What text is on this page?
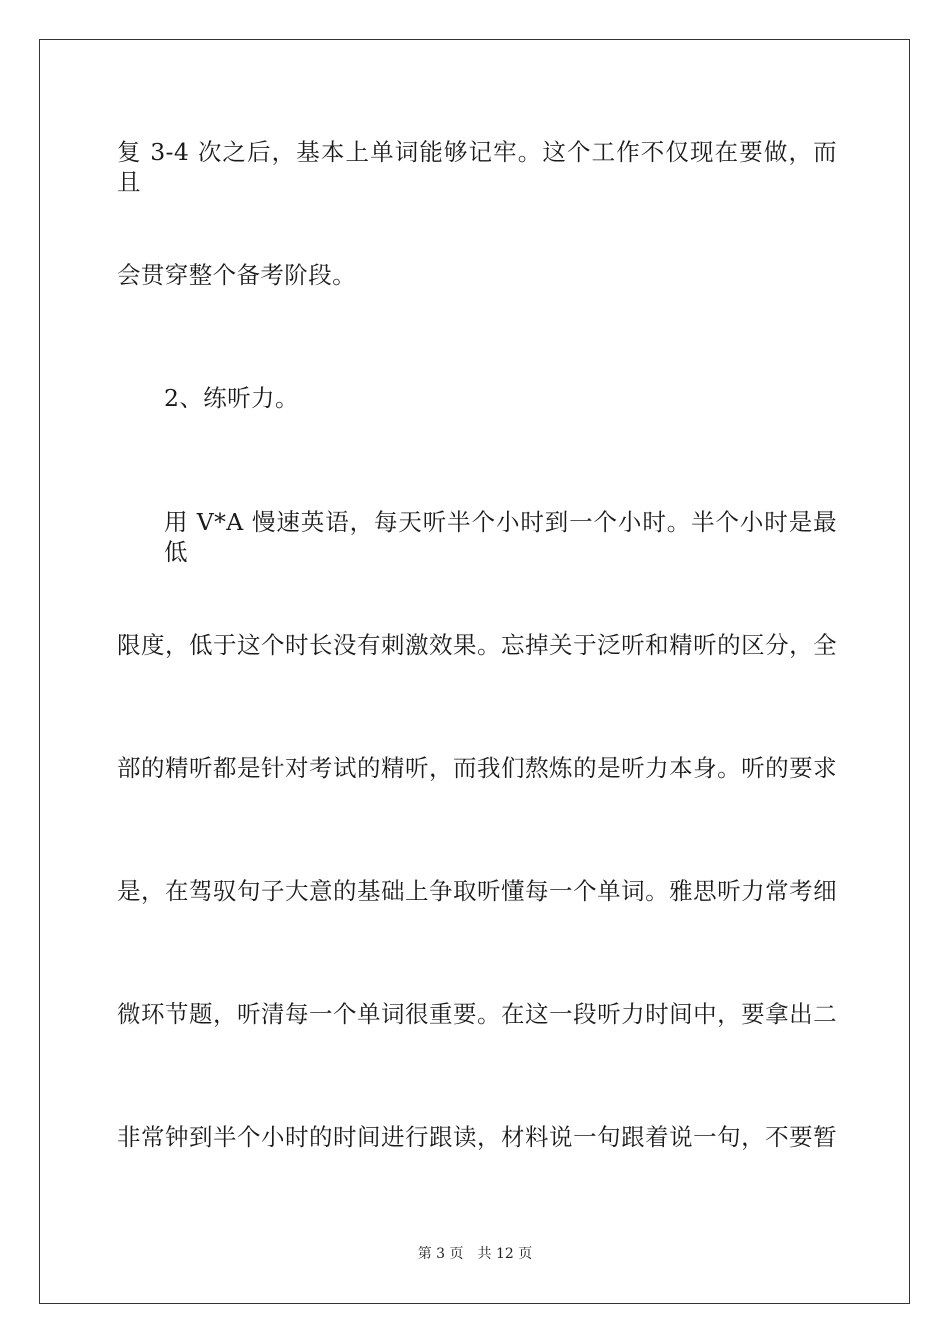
复 3-4 次之后，基本上单词能够记牢。这个工作不仅现在要做，而且
会贯穿整个备考阶段。
2、练听力。
用 V*A 慢速英语，每天听半个小时到一个小时。半个小时是最低
限度，低于这个时长没有刺激效果。忘掉关于泛听和精听的区分，全
部的精听都是针对考试的精听，而我们熬炼的是听力本身。听的要求
是，在驾驭句子大意的基础上争取听懂每一个单词。雅思听力常考细
微环节题，听清每一个单词很重要。在这一段听力时间中，要拿出二
非常钟到半个小时的时间进行跟读，材料说一句跟着说一句，不要暂
第 3 页 共 12 页
